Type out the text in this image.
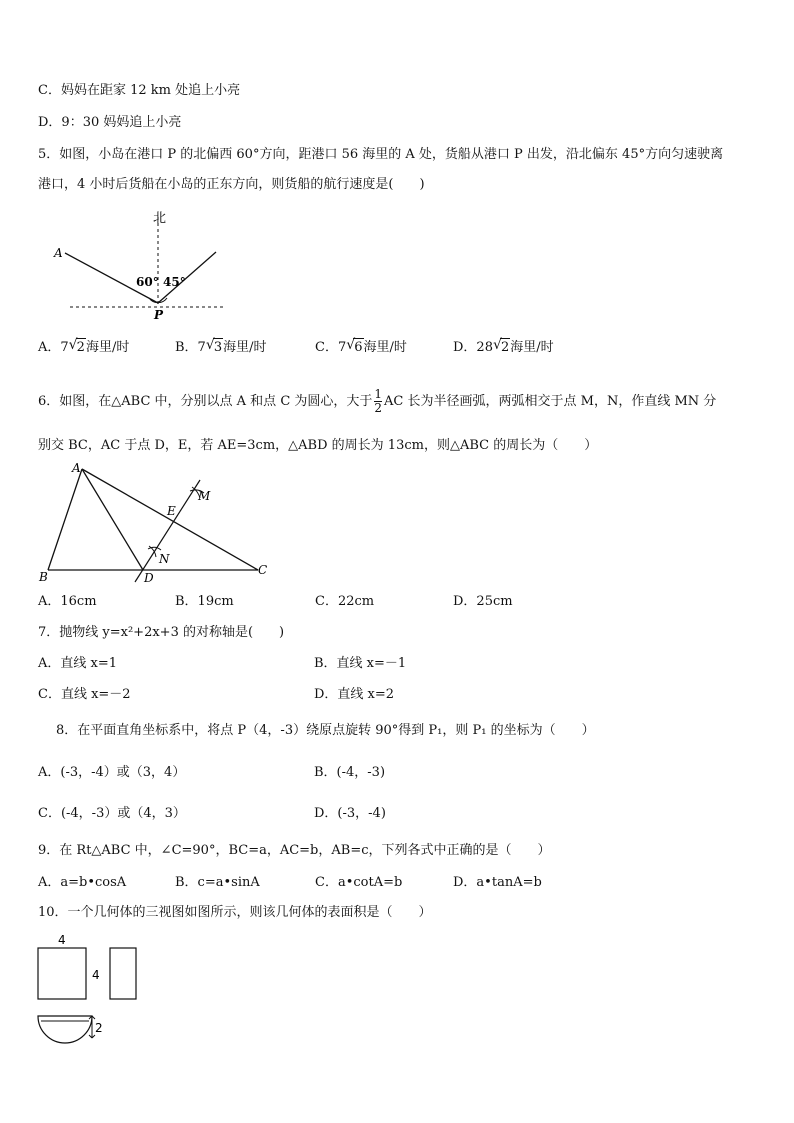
C．妈妈在距家 12 km 处追上小亮
D．9：30 妈妈追上小亮
5．如图，小岛在港口 P 的北偏西 60°方向，距港口 56 海里的 A 处，货船从港口 P 出发，沿北偏东 45°方向匀速驶离
港口，4 小时后货船在小岛的正东方向，则货船的航行速度是(　　)
北
A
P
60° 45°
A．7 √ 2海里/时	B．7 √ 3海里/时	C．7 √ 6海里/时	D．28 √ 2海里/时
6．如图，在△ABC 中，分别以点 A 和点 C 为圆心，大于 $\frac{1}{2}$ AC 长为半径画弧，两弧相交于点 M，N，作直线 MN 分
别交 BC，AC 于点 D，E，若 AE=3cm，△ABD 的周长为 13cm，则△ABC 的周长为（　　）
A
B	C
D
E
M
N
A．16cm	B．19cm	C．22cm	D．25cm
7．抛物线 y=x²+2x+3 的对称轴是(　　)
A．直线 x=1	B．直线 x=－1
C．直线 x=－2	D．直线 x=2
8．在平面直角坐标系中，将点 P（4，-3）绕原点旋转 90°得到 P₁，则 P₁ 的坐标为（　　）
A．(-3，-4）或（3，4）	B．(-4，-3)
C．(-4，-3）或（4，3）	D．(-3，-4)
9．在 Rt△ABC 中，∠C=90°，BC=a，AC=b，AB=c，下列各式中正确的是（　　）
A．a=b•cosA	B．c=a•sinA	C．a•cotA=b	D．a•tanA=b
10．一个几何体的三视图如图所示，则该几何体的表面积是（　　）
4
4
2
